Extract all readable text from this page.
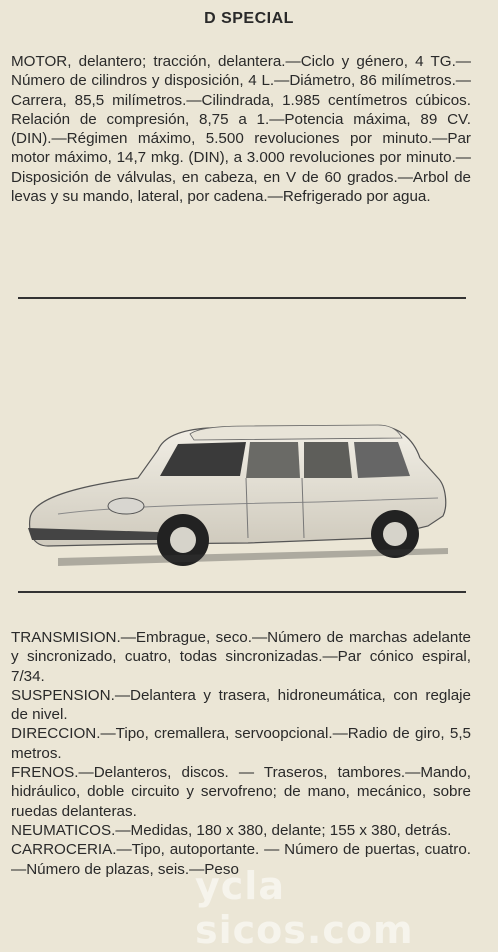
D SPECIAL

MOTOR, delantero; tracción, delantera.—Ciclo y género, 4 TG.—Número de cilindros y disposición, 4 L.—Diámetro, 86 milímetros.—Carrera, 85,5 milímetros.—Cilindrada, 1.985 centímetros cúbicos. Relación de compresión, 8,75 a 1.—Potencia máxima, 89 CV. (DIN).—Régimen máximo, 5.500 revoluciones por minuto.—Par motor máximo, 14,7 mkg. (DIN), a 3.000 revoluciones por minuto.—Disposición de válvulas, en cabeza, en V de 60 grados.—Arbol de levas y su mando, lateral, por cadena.—Refrigerado por agua.

TRANSMISION.—Embrague, seco.—Número de marchas adelante y sincronizado, cuatro, todas sincronizadas.—Par cónico espiral, 7/34.
SUSPENSION.—Delantera y trasera, hidroneumática, con reglaje de nivel.
DIRECCION.—Tipo, cremallera, servoopcional.—Radio de giro, 5,5 metros.
FRENOS.—Delanteros, discos. — Traseros, tambores.—Mando, hidráulico, doble circuito y servofreno; de mano, mecánico, sobre ruedas delanteras.
NEUMATICOS.—Medidas, 180 x 380, delante; 155 x 380, detrás.
CARROCERIA.—Tipo, autoportante. — Número de puertas, cuatro.—Número de plazas, seis.—Peso
ycla sicos.com
